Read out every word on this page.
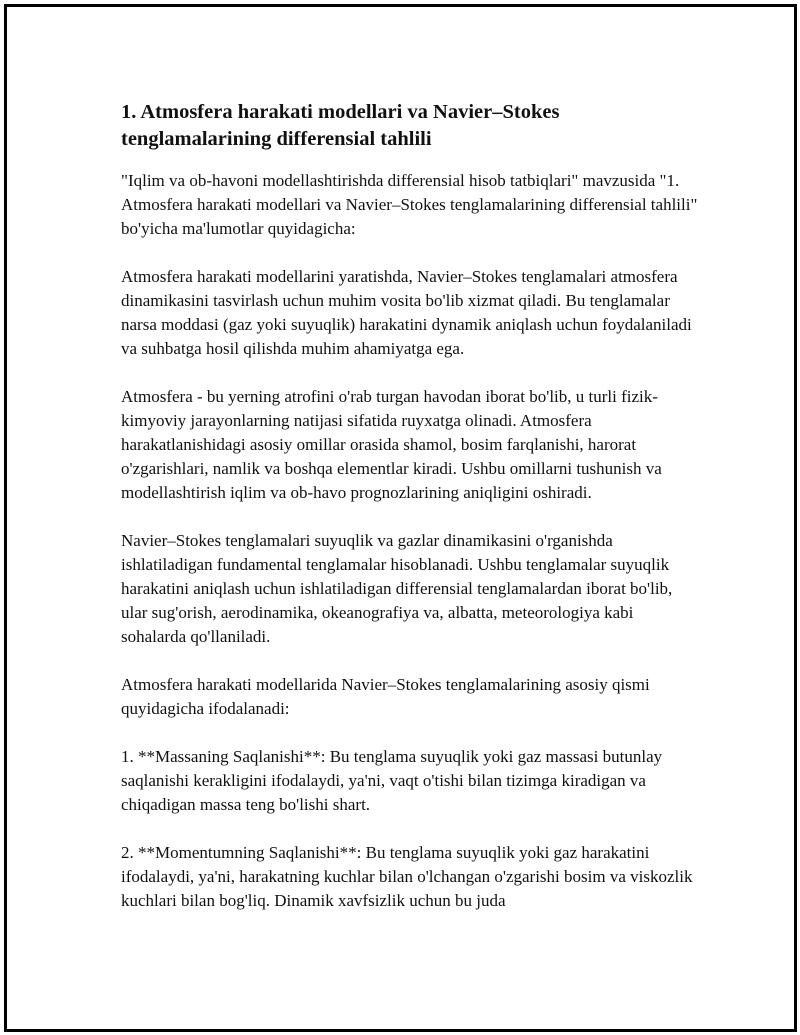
1. Atmosfera harakati modellari va Navier–Stokes tenglamalarining differensial tahlili

"Iqlim va ob-havoni modellashtirishda differensial hisob tatbiqlari" mavzusida "1. Atmosfera harakati modellari va Navier–Stokes tenglamalarining differensial tahlili" bo'yicha ma'lumotlar quyidagicha:

Atmosfera harakati modellarini yaratishda, Navier–Stokes tenglamalari atmosfera dinamikasini tasvirlash uchun muhim vosita bo'lib xizmat qiladi. Bu tenglamalar narsa moddasi (gaz yoki suyuqlik) harakatini dynamik aniqlash uchun foydalaniladi va suhbatga hosil qilishda muhim ahamiyatga ega.

Atmosfera - bu yerning atrofini o'rab turgan havodan iborat bo'lib, u turli fizik-kimyoviy jarayonlarning natijasi sifatida ruyxatga olinadi. Atmosfera harakatlanishidagi asosiy omillar orasida shamol, bosim farqlanishi, harorat o'zgarishlari, namlik va boshqa elementlar kiradi. Ushbu omillarni tushunish va modellashtirish iqlim va ob-havo prognozlarining aniqligini oshiradi.

Navier–Stokes tenglamalari suyuqlik va gazlar dinamikasini o'rganishda ishlatiladigan fundamental tenglamalar hisoblanadi. Ushbu tenglamalar suyuqlik harakatini aniqlash uchun ishlatiladigan differensial tenglamalardan iborat bo'lib, ular sug'orish, aerodinamika, okeanografiya va, albatta, meteorologiya kabi sohalarda qo'llaniladi.

Atmosfera harakati modellarida Navier–Stokes tenglamalarining asosiy qismi quyidagicha ifodalanadi:

1. **Massaning Saqlanishi**: Bu tenglama suyuqlik yoki gaz massasi butunlay saqlanishi kerakligini ifodalaydi, ya'ni, vaqt o'tishi bilan tizimga kiradigan va chiqadigan massa teng bo'lishi shart.

2. **Momentumning Saqlanishi**: Bu tenglama suyuqlik yoki gaz harakatini ifodalaydi, ya'ni, harakatning kuchlar bilan o'lchangan o'zgarishi bosim va viskozlik kuchlari bilan bog'liq. Dinamik xavfsizlik uchun bu juda
